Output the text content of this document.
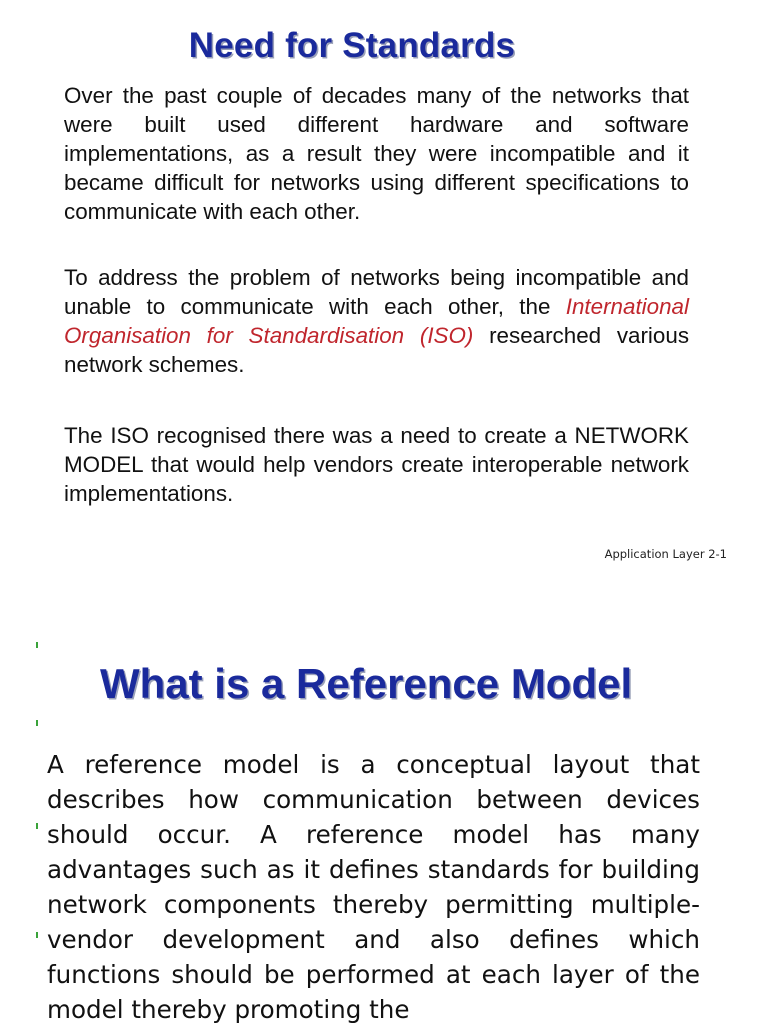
Need for Standards
Over the past couple of decades many of the networks that were built used different hardware and software implementations, as a result they were incompatible and it became difficult for networks using different specifications to communicate with each other.
To address the problem of networks being incompatible and unable to communicate with each other, the International Organisation for Standardisation (ISO) researched various network schemes.
The ISO recognised there was a need to create a NETWORK MODEL that would help vendors create interoperable network implementations.
Application Layer 2-1
What is a Reference Model
A reference model is a conceptual layout that describes how communication between devices should occur. A reference model has many advantages such as it defines standards for building network components thereby permitting multiple-vendor development and also defines which functions should be performed at each layer of the model thereby promoting the
